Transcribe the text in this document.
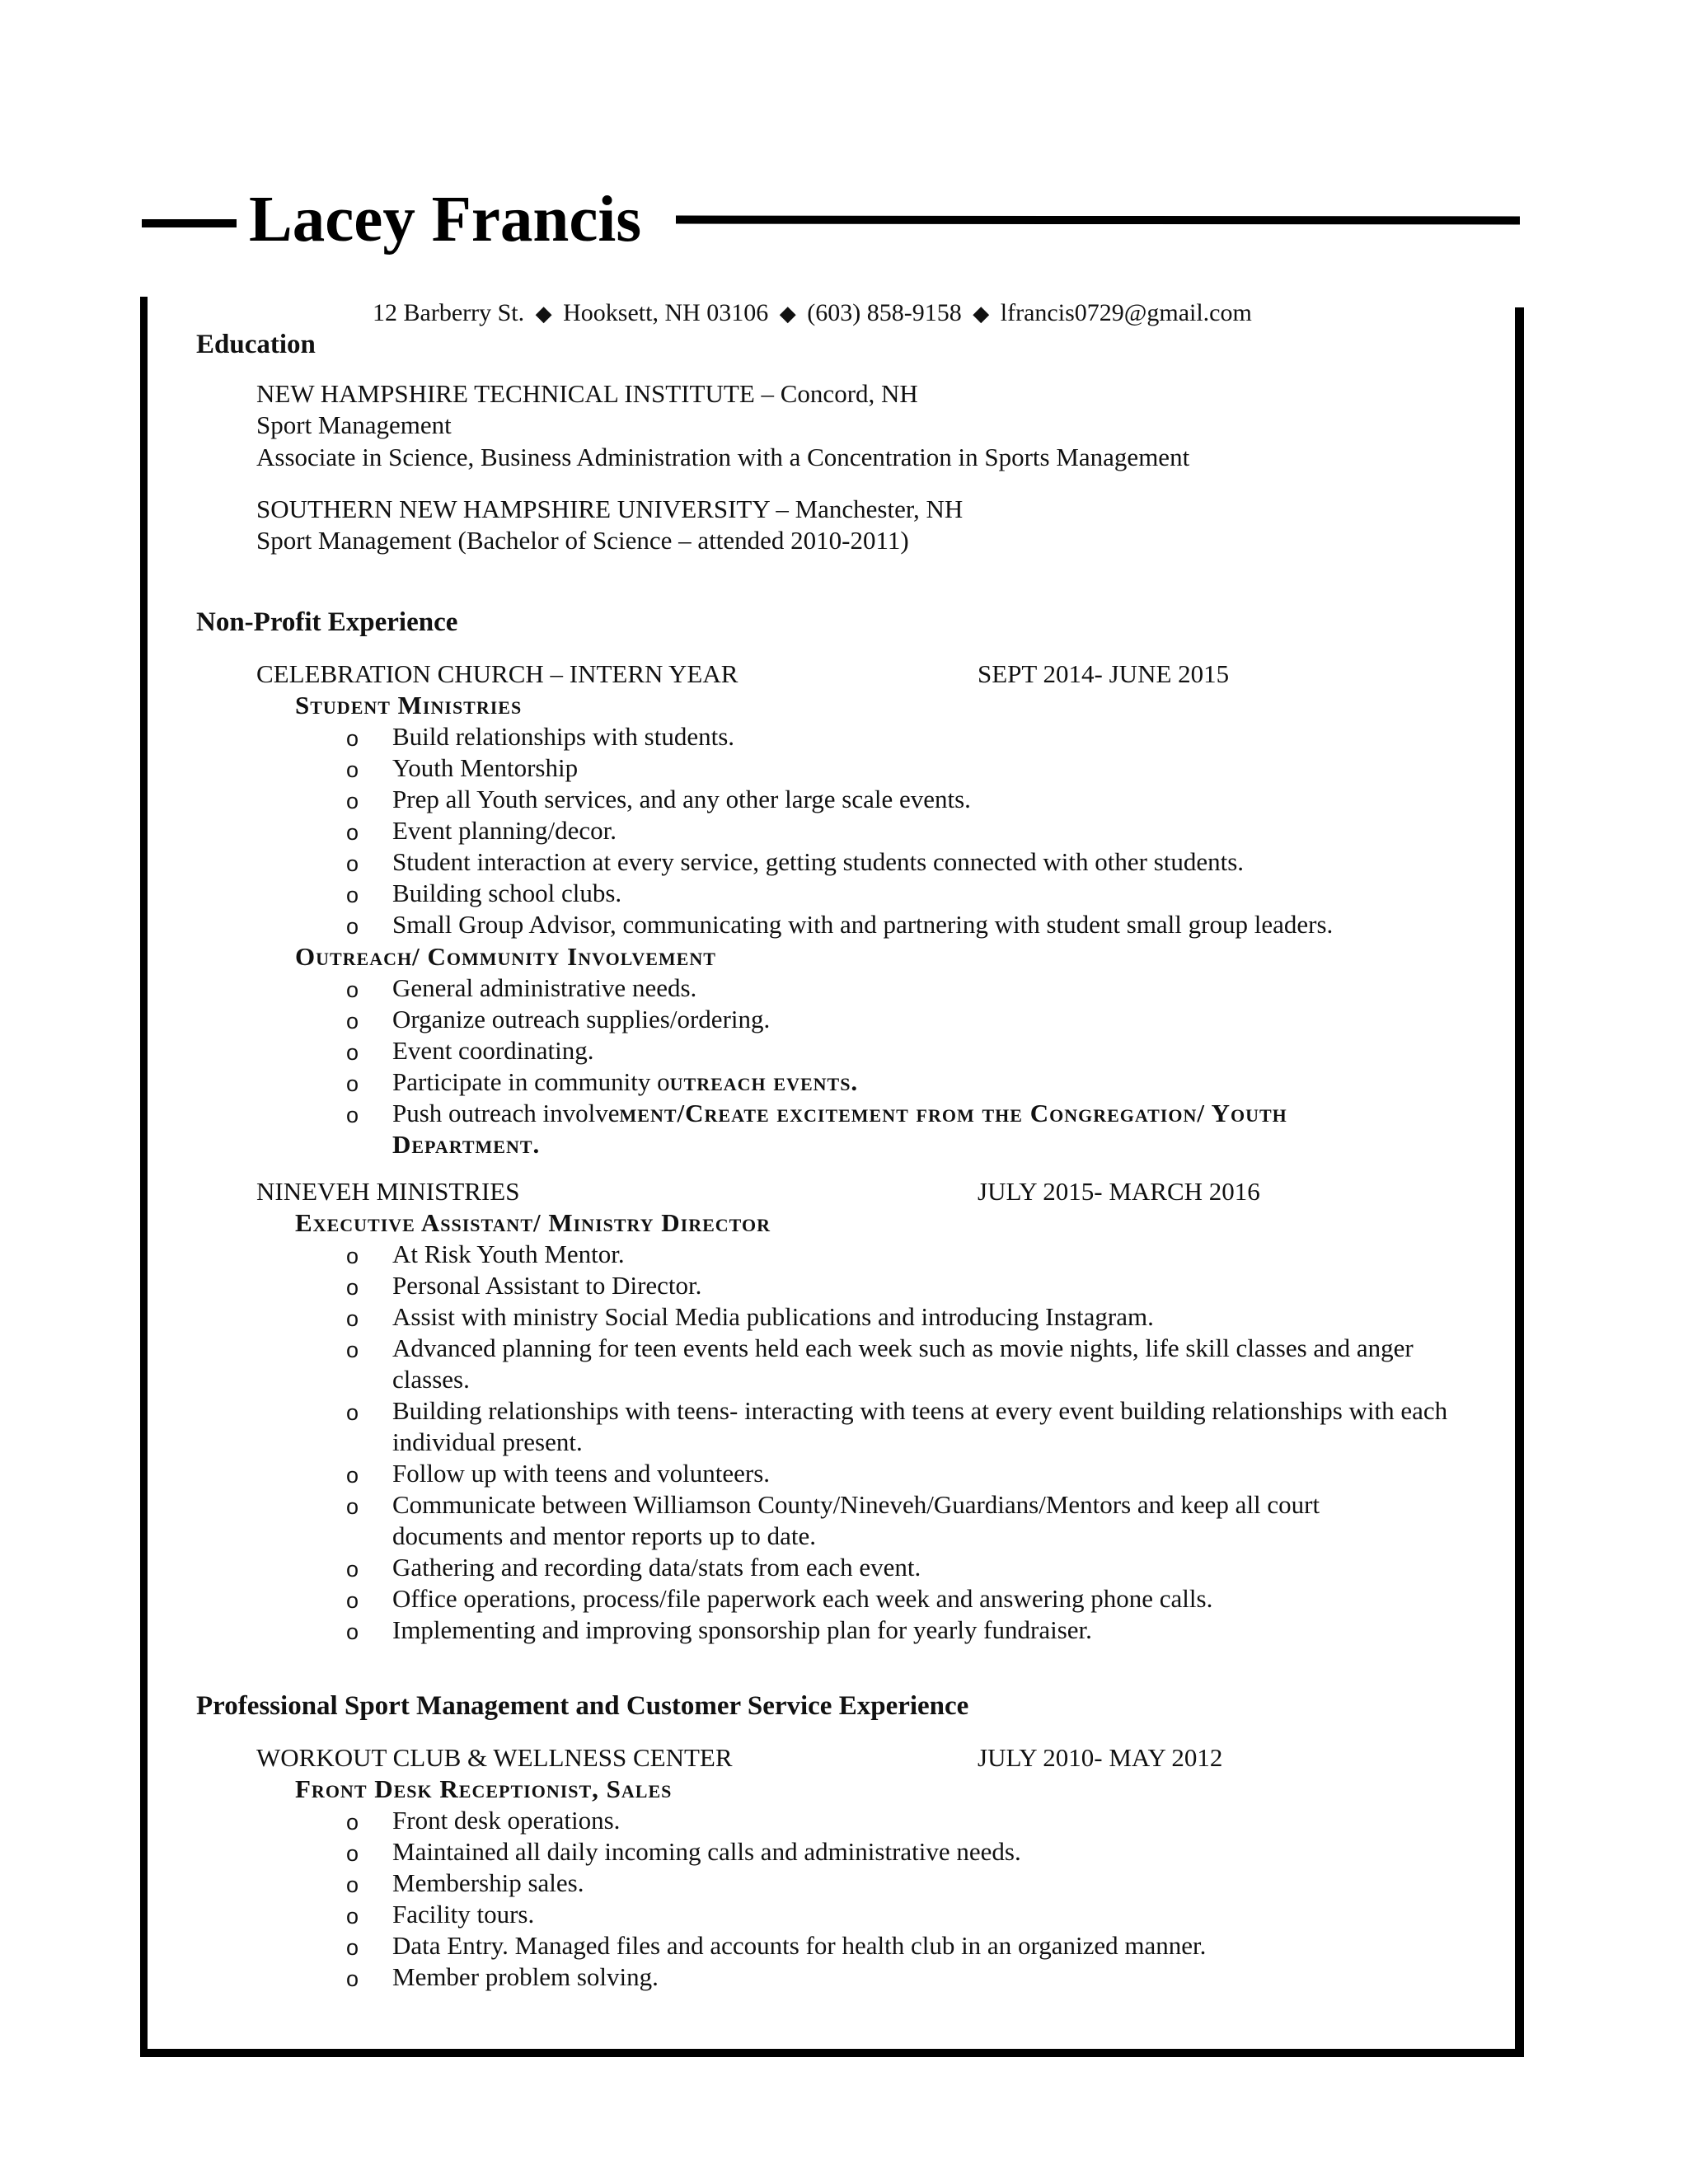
Lacey Francis
12 Barberry St. ◆ Hooksett, NH 03106 ◆ (603) 858-9158 ◆ lfrancis0729@gmail.com
Education
NEW HAMPSHIRE TECHNICAL INSTITUTE – Concord, NH
Sport Management
Associate in Science, Business Administration with a Concentration in Sports Management
SOUTHERN NEW HAMPSHIRE UNIVERSITY – Manchester, NH
Sport Management (Bachelor of Science – attended 2010-2011)
Non-Profit Experience
CELEBRATION CHURCH – INTERN YEAR	SEPT 2014- JUNE 2015
Student Ministries
o Build relationships with students.
o Youth Mentorship
o Prep all Youth services, and any other large scale events.
o Event planning/decor.
o Student interaction at every service, getting students connected with other students.
o Building school clubs.
o Small Group Advisor, communicating with and partnering with student small group leaders.
Outreach/ Community Involvement
o General administrative needs.
o Organize outreach supplies/ordering.
o Event coordinating.
o Participate in community outreach events.
o Push outreach involvement/Create excitement from the Congregation/ Youth
Department.
NINEVEH MINISTRIES	JULY 2015- MARCH 2016
Executive Assistant/ Ministry Director
o At Risk Youth Mentor.
o Personal Assistant to Director.
o Assist with ministry Social Media publications and introducing Instagram.
o Advanced planning for teen events held each week such as movie nights, life skill classes and anger
classes.
o Building relationships with teens- interacting with teens at every event building relationships with each
individual present.
o Follow up with teens and volunteers.
o Communicate between Williamson County/Nineveh/Guardians/Mentors and keep all court
documents and mentor reports up to date.
o Gathering and recording data/stats from each event.
o Office operations, process/file paperwork each week and answering phone calls.
o Implementing and improving sponsorship plan for yearly fundraiser.
Professional Sport Management and Customer Service Experience
WORKOUT CLUB & WELLNESS CENTER	JULY 2010- MAY 2012
Front Desk Receptionist, Sales
o Front desk operations.
o Maintained all daily incoming calls and administrative needs.
o Membership sales.
o Facility tours.
o Data Entry. Managed files and accounts for health club in an organized manner.
o Member problem solving.
